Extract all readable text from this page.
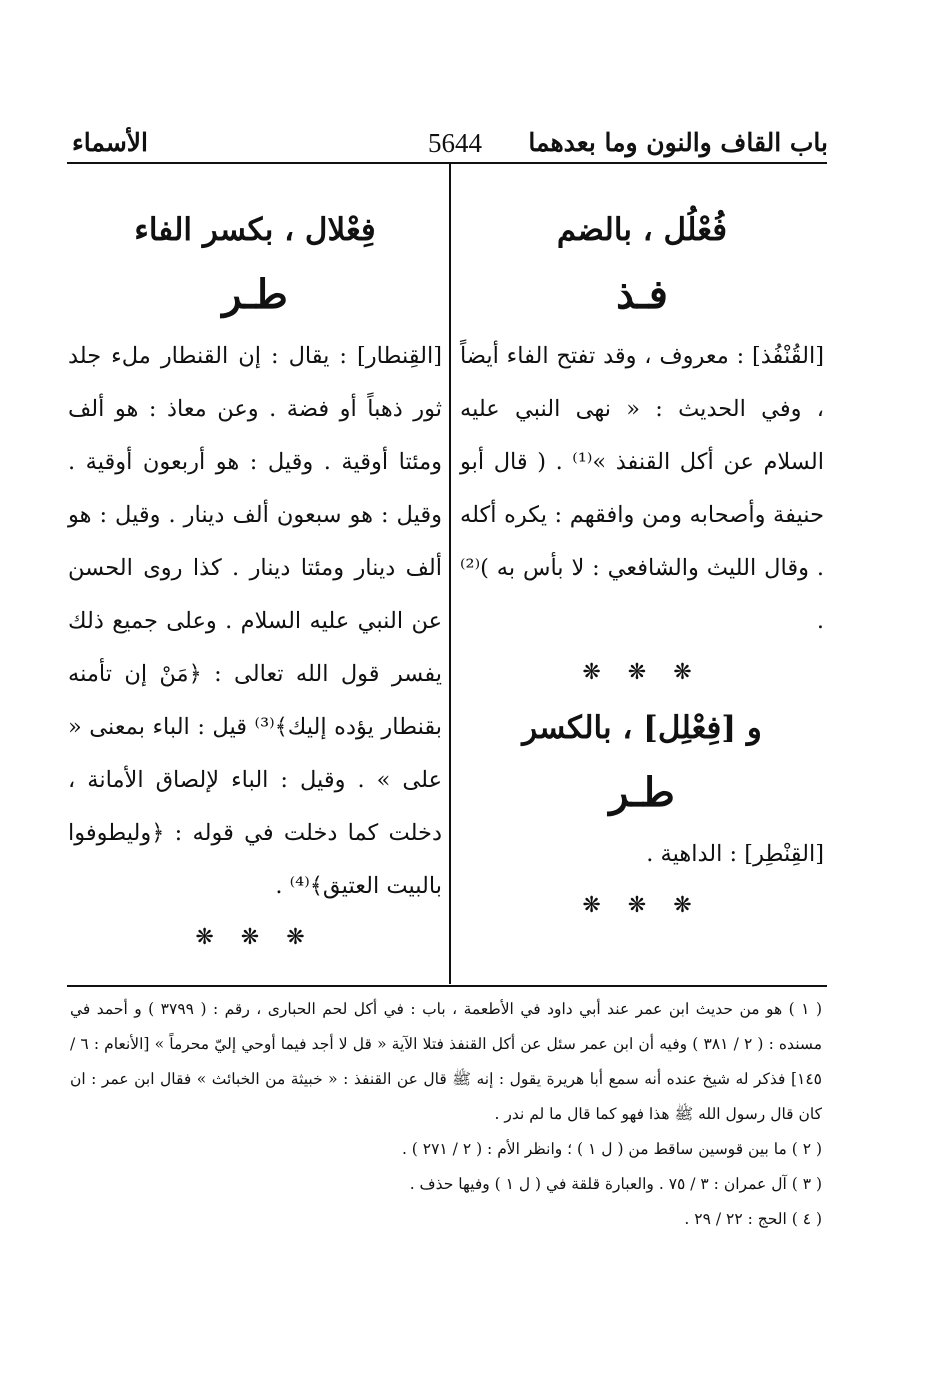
باب القاف والنون وما بعدهما
5644
الأسماء

فُعْلُل ، بالضم

فـذ

[القُنْفُذ] : معروف ، وقد تفتح الفاء أيضاً ، وفي الحديث : « نهى النبي عليه السلام عن أكل القنفذ »⁽¹⁾ . ( قال أبو حنيفة وأصحابه ومن وافقهم : يكره أكله . وقال الليث والشافعي : لا بأس به )⁽²⁾ .

❋ ❋ ❋

و [فِعْلِل] ، بالكسر

طـر

[القِنْطِر] : الداهية .

❋ ❋ ❋

فِعْلال ، بكسر الفاء

طـر

[القِنطار] : يقال : إن القنطار ملء جلد ثور ذهباً أو فضة . وعن معاذ : هو ألف ومئتا أوقية . وقيل : هو أربعون أوقية . وقيل : هو سبعون ألف دينار . وقيل : هو ألف دينار ومئتا دينار . كذا روى الحسن عن النبي عليه السلام . وعلى جميع ذلك يفسر قول الله تعالى : ﴿مَنْ إن تأمنه بقنطار يؤده إليك﴾⁽³⁾ قيل : الباء بمعنى « على » . وقيل : الباء لإلصاق الأمانة ، دخلت كما دخلت في قوله : ﴿وليطوفوا بالبيت العتيق﴾⁽⁴⁾ .

❋ ❋ ❋

( ١ ) هو من حديث ابن عمر عند أبي داود في الأطعمة ، باب : في أكل لحم الحبارى ، رقم : ( ٣٧٩٩ ) و أحمد في مسنده : ( ٢ / ٣٨١ ) وفيه أن ابن عمر سئل عن أكل القنفذ فتلا الآية « قل لا أجد فيما أوحي إليّ محرماً » [الأنعام : ٦ / ١٤٥] فذكر له شيخ عنده أنه سمع أبا هريرة يقول : إنه ﷺ قال عن القنفذ : « خبيثة من الخبائث » فقال ابن عمر : ان كان قال رسول الله ﷺ هذا فهو كما قال ما لم ندر .

( ٢ ) ما بين قوسين ساقط من ( ل ١ ) ؛ وانظر الأم : ( ٢ / ٢٧١ ) .

( ٣ ) آل عمران : ٣ / ٧٥ . والعبارة قلقة في ( ل ١ ) وفيها حذف .

( ٤ ) الحج : ٢٢ / ٢٩ .
